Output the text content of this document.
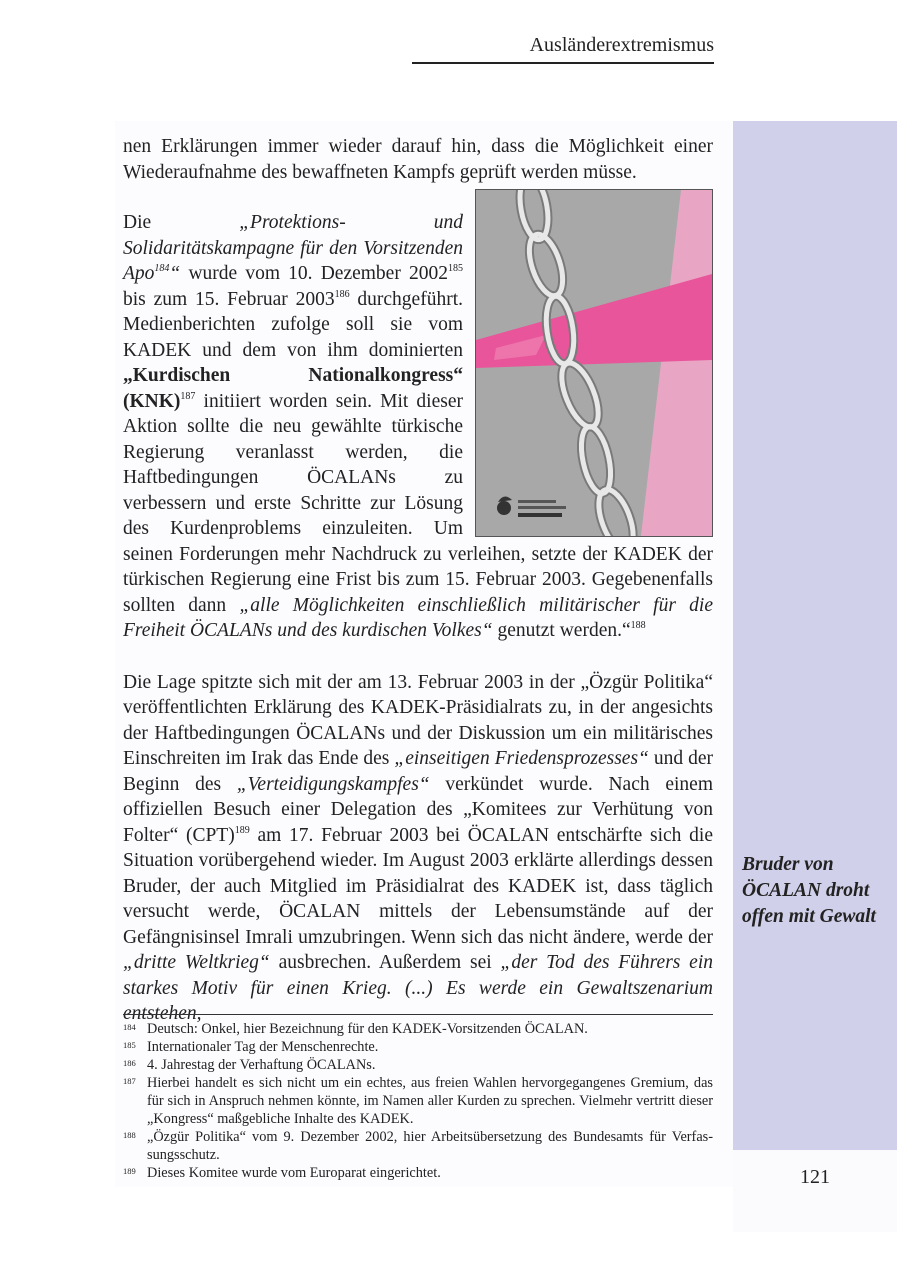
Ausländerextremismus

nen Erklärungen immer wieder darauf hin, dass die Möglichkeit einer Wiederaufnahme des bewaffneten Kampfs geprüft werden müsse.

Die „Protektions- und Solidaritätskampagne für den Vorsitzenden Apo$^{184}$“ wurde vom 10. Dezember 2002$^{185}$ bis zum 15. Februar 2003$^{186}$ durchgeführt. Medienberichten zufolge soll sie vom KADEK und dem von ihm dominierten „Kurdischen Nationalkongress“ (KNK)$^{187}$ initiiert worden sein. Mit dieser Aktion sollte die neu gewählte türkische Regierung veranlasst werden, die Haftbedingungen ÖCALANs zu verbessern und erste Schritte zur Lösung des Kurdenproblems einzuleiten. Um seinen Forderungen mehr Nachdruck zu verleihen, setzte der KADEK der türkischen Regierung eine Frist bis zum 15. Februar 2003. Gegebenenfalls sollten dann „alle Möglichkeiten einschließlich militärischer für die Freiheit ÖCALANs und des kurdischen Volkes“ genutzt werden.“$^{188}$

Die Lage spitzte sich mit der am 13. Februar 2003 in der „Özgür Politika“ veröffentlichten Erklärung des KADEK-Präsidialrats zu, in der angesichts der Haftbedingungen ÖCALANs und der Diskussion um ein militärisches Einschreiten im Irak das Ende des „einseitigen Friedensprozesses“ und der Beginn des „Verteidigungskampfes“ verkündet wurde. Nach einem offiziellen Besuch einer Delegation des „Komitees zur Verhütung von Folter“ (CPT)$^{189}$ am 17. Februar 2003 bei ÖCALAN entschärfte sich die Situation vorübergehend wieder. Im August 2003 erklärte allerdings dessen Bruder, der auch Mitglied im Präsidialrat des KADEK ist, dass täglich versucht werde, ÖCALAN mittels der Lebensumstände auf der Gefängnisinsel Imrali umzubringen. Wenn sich das nicht ändere, werde der „dritte Weltkrieg“ ausbrechen. Außerdem sei „der Tod des Führers ein starkes Motiv für einen Krieg. (...) Es werde ein Gewaltszenarium entstehen,

184 Deutsch: Onkel, hier Bezeichnung für den KADEK-Vorsitzenden ÖCALAN.
185 Internationaler Tag der Menschenrechte.
186 4. Jahrestag der Verhaftung ÖCALANs.
187 Hierbei handelt es sich nicht um ein echtes, aus freien Wahlen hervorgegangenes Gremium, das für sich in Anspruch nehmen könnte, im Namen aller Kurden zu sprechen. Vielmehr vertritt dieser „Kongress“ maßgebliche Inhalte des KADEK.
188 „Özgür Politika“ vom 9. Dezember 2002, hier Arbeitsübersetzung des Bundesamts für Verfassungsschutz.
189 Dieses Komitee wurde vom Europarat eingerichtet.
Bruder von ÖCALAN droht offen mit Gewalt
121
